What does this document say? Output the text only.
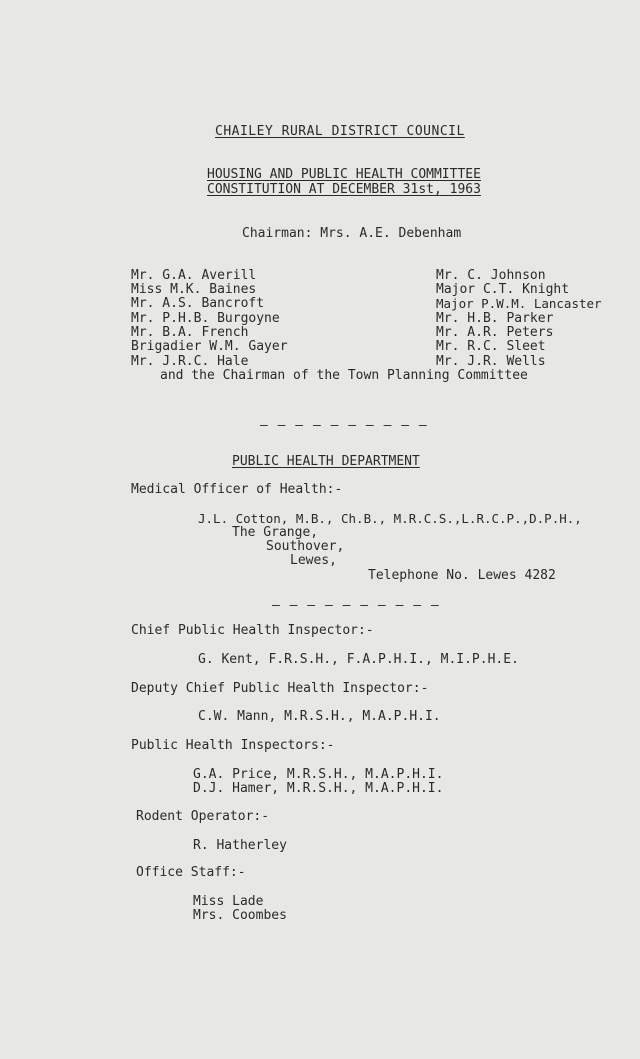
CHAILEY RURAL DISTRICT COUNCIL
HOUSING AND PUBLIC HEALTH COMMITTEE
CONSTITUTION AT DECEMBER 31st, 1963
Chairman: Mrs. A.E. Debenham
Mr. G.A. Averill
Miss M.K. Baines
Mr. A.S. Bancroft
Mr. P.H.B. Burgoyne
Mr. B.A. French
Brigadier W.M. Gayer
Mr. J.R.C. Hale
Mr. C. Johnson
Major C.T. Knight
Major P.W.M. Lancaster
Mr. H.B. Parker
Mr. A.R. Peters
Mr. R.C. Sleet
Mr. J.R. Wells
and the Chairman of the Town Planning Committee
— — — — — — — — — —
PUBLIC HEALTH DEPARTMENT
Medical Officer of Health:-
J.L. Cotton, M.B., Ch.B., M.R.C.S.,L.R.C.P.,D.P.H.,
The Grange,
Southover,
Lewes,
Telephone No. Lewes 4282
— — — — — — — — — —
Chief Public Health Inspector:-
G. Kent, F.R.S.H., F.A.P.H.I., M.I.P.H.E.
Deputy Chief Public Health Inspector:-
C.W. Mann, M.R.S.H., M.A.P.H.I.
Public Health Inspectors:-
G.A. Price, M.R.S.H., M.A.P.H.I.
D.J. Hamer, M.R.S.H., M.A.P.H.I.
Rodent Operator:-
R. Hatherley
Office Staff:-
Miss Lade
Mrs. Coombes
